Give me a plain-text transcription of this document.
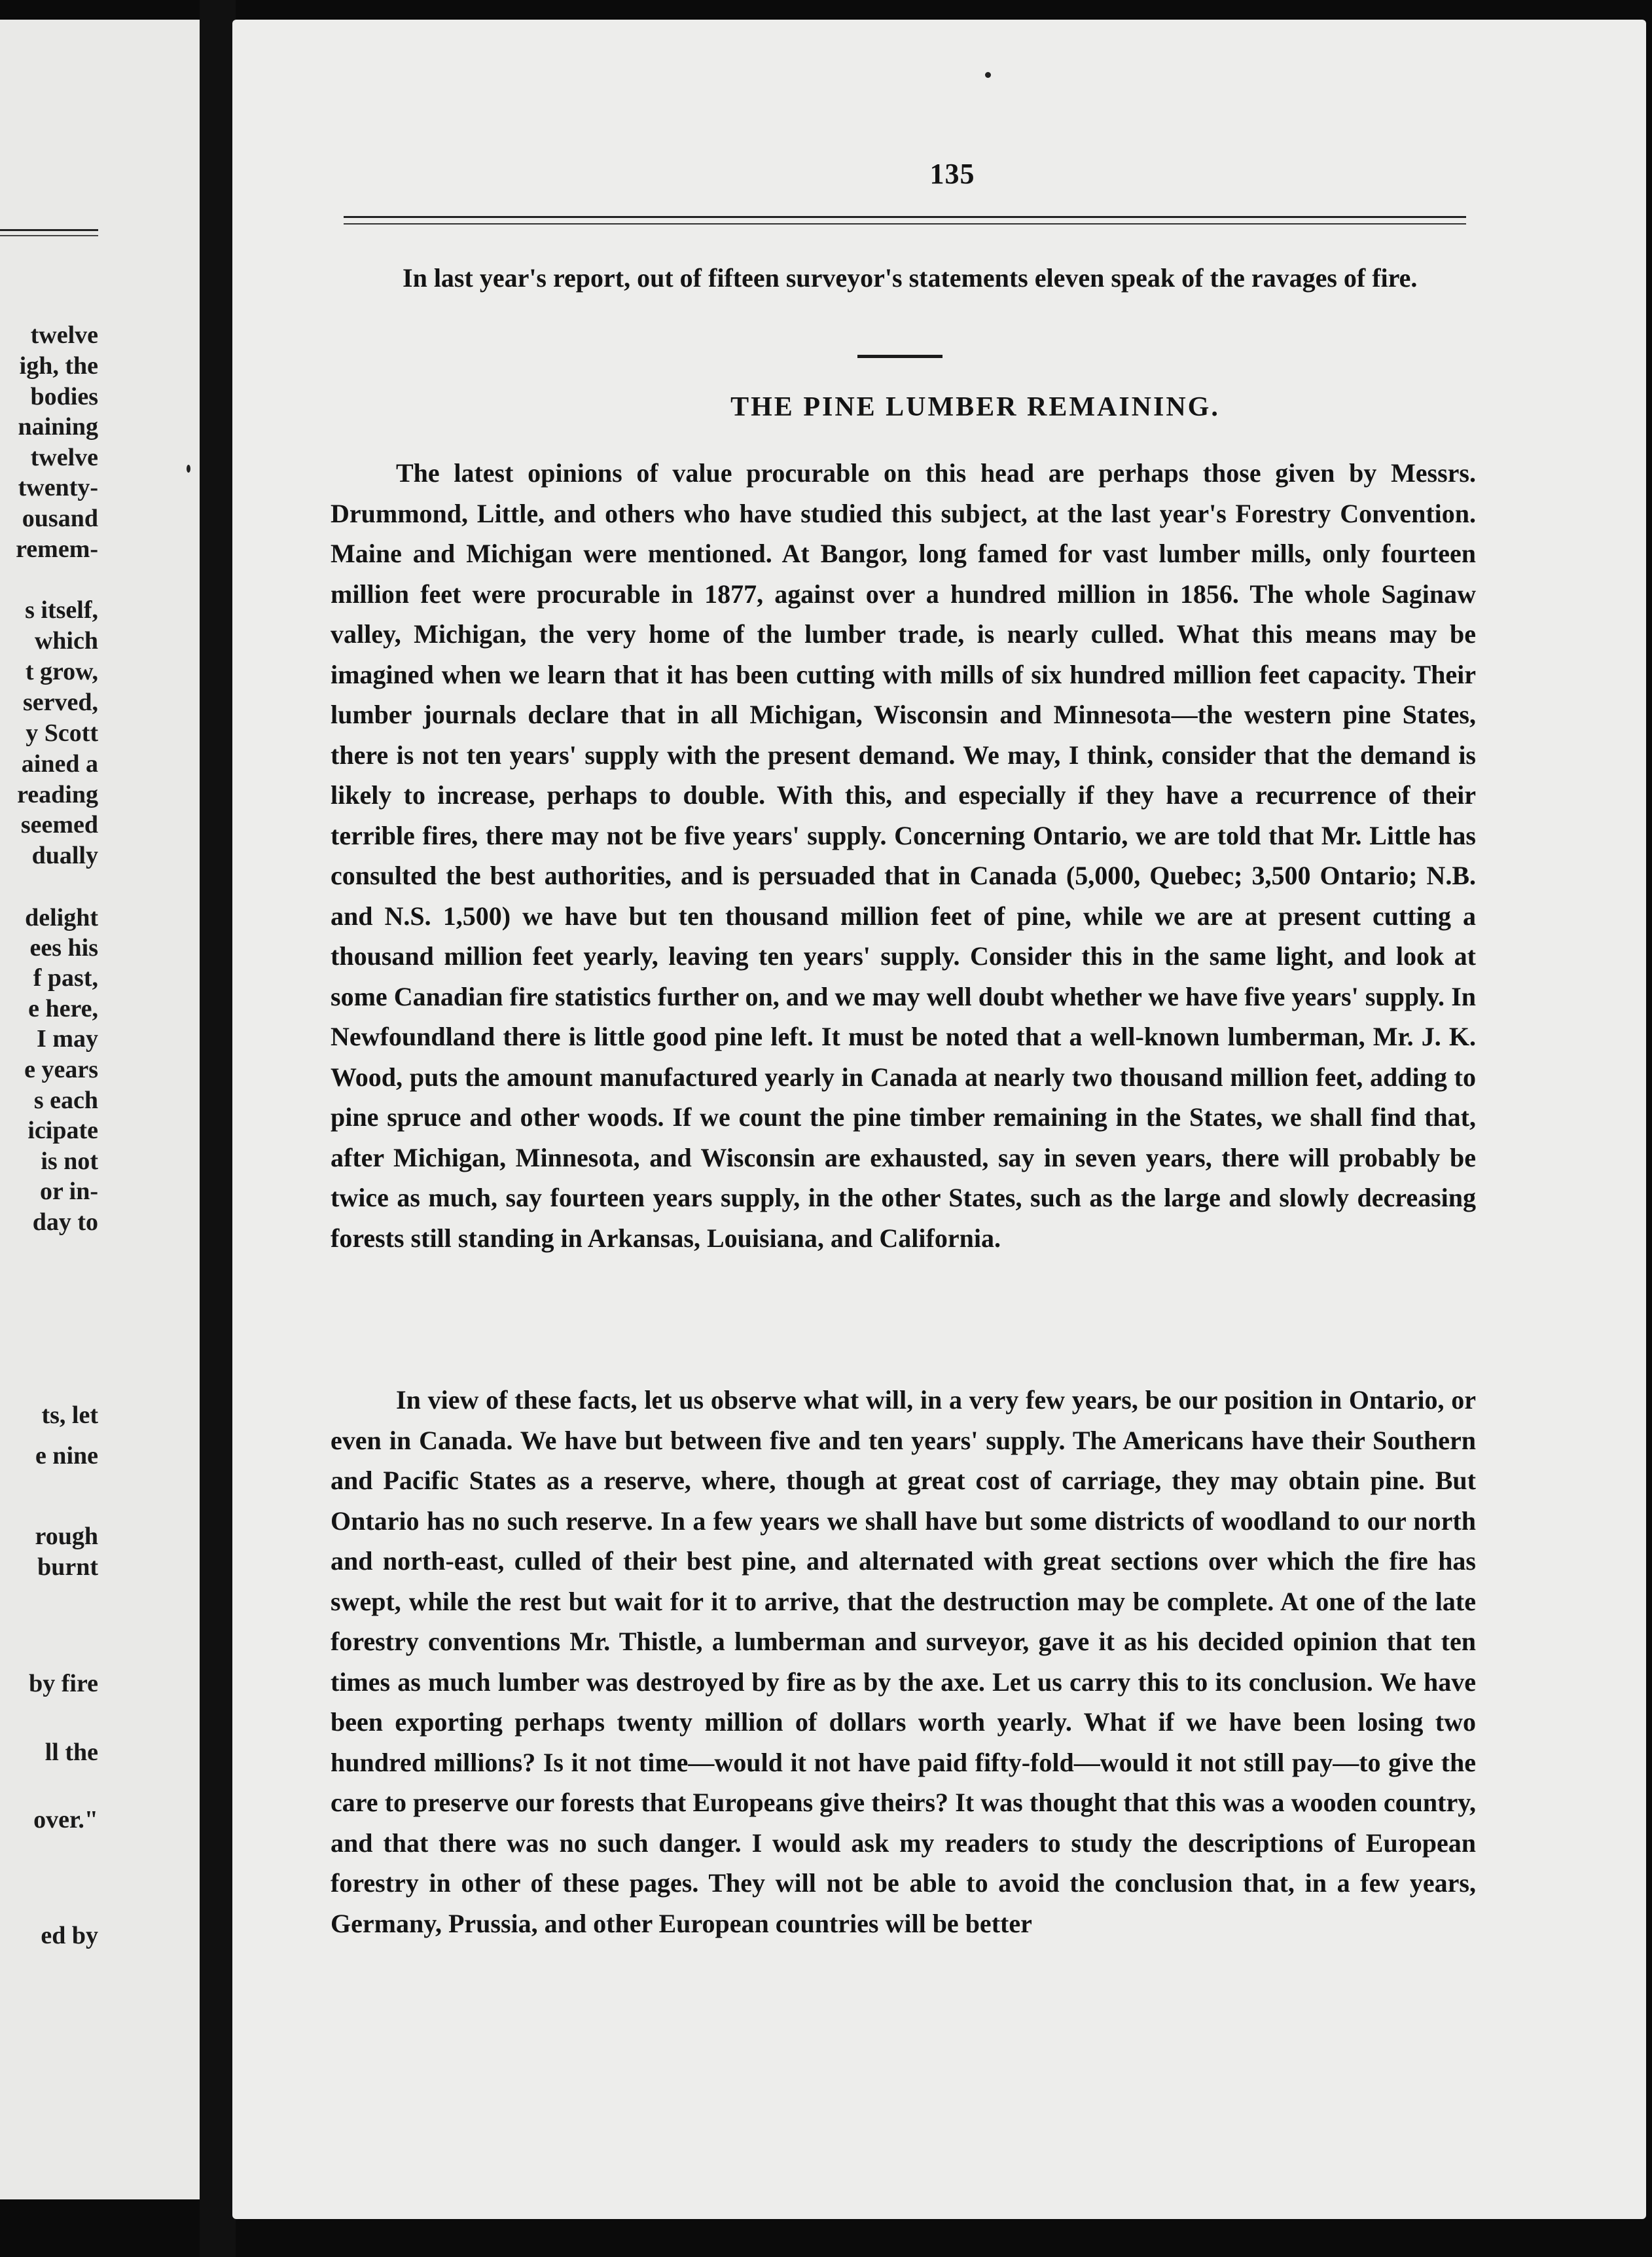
twelve
igh, the
bodies
naining
twelve
twenty-
ousand
remem-
s itself,
which
t grow,
served,
y Scott
ained a
reading
seemed
dually
delight
ees his
f past,
e here,
I may
e years
s each
icipate
is not
or in-
day to
ts, let
e nine
rough
burnt
by fire
ll the
over."
ed by
135
In last year's report, out of fifteen surveyor's statements eleven speak of the ravages of fire.
THE PINE LUMBER REMAINING.
The latest opinions of value procurable on this head are perhaps those given by Messrs. Drummond, Little, and others who have studied this subject, at the last year's Forestry Convention. Maine and Michigan were mentioned. At Bangor, long famed for vast lumber mills, only fourteen million feet were procurable in 1877, against over a hundred million in 1856. The whole Saginaw valley, Michigan, the very home of the lumber trade, is nearly culled. What this means may be imagined when we learn that it has been cutting with mills of six hundred million feet capacity. Their lumber journals declare that in all Michigan, Wisconsin and Minnesota—the western pine States, there is not ten years' supply with the present demand. We may, I think, consider that the demand is likely to increase, perhaps to double. With this, and especially if they have a recurrence of their terrible fires, there may not be five years' supply. Concerning Ontario, we are told that Mr. Little has consulted the best authorities, and is persuaded that in Canada (5,000, Quebec; 3,500 Ontario; N.B. and N.S. 1,500) we have but ten thousand million feet of pine, while we are at present cutting a thousand million feet yearly, leaving ten years' supply. Consider this in the same light, and look at some Canadian fire statistics further on, and we may well doubt whether we have five years' supply. In Newfoundland there is little good pine left. It must be noted that a well-known lumberman, Mr. J. K. Wood, puts the amount manufactured yearly in Canada at nearly two thousand million feet, adding to pine spruce and other woods. If we count the pine timber remaining in the States, we shall find that, after Michigan, Minnesota, and Wisconsin are exhausted, say in seven years, there will probably be twice as much, say fourteen years supply, in the other States, such as the large and slowly decreasing forests still standing in Arkansas, Louisiana, and California.
In view of these facts, let us observe what will, in a very few years, be our position in Ontario, or even in Canada. We have but between five and ten years' supply. The Americans have their Southern and Pacific States as a reserve, where, though at great cost of carriage, they may obtain pine. But Ontario has no such reserve. In a few years we shall have but some districts of woodland to our north and north-east, culled of their best pine, and alternated with great sections over which the fire has swept, while the rest but wait for it to arrive, that the destruction may be complete. At one of the late forestry conventions Mr. Thistle, a lumberman and surveyor, gave it as his decided opinion that ten times as much lumber was destroyed by fire as by the axe. Let us carry this to its conclusion. We have been exporting perhaps twenty million of dollars worth yearly. What if we have been losing two hundred millions? Is it not time—would it not have paid fifty-fold—would it not still pay—to give the care to preserve our forests that Europeans give theirs? It was thought that this was a wooden country, and that there was no such danger. I would ask my readers to study the descriptions of European forestry in other of these pages. They will not be able to avoid the conclusion that, in a few years, Germany, Prussia, and other European countries will be better
